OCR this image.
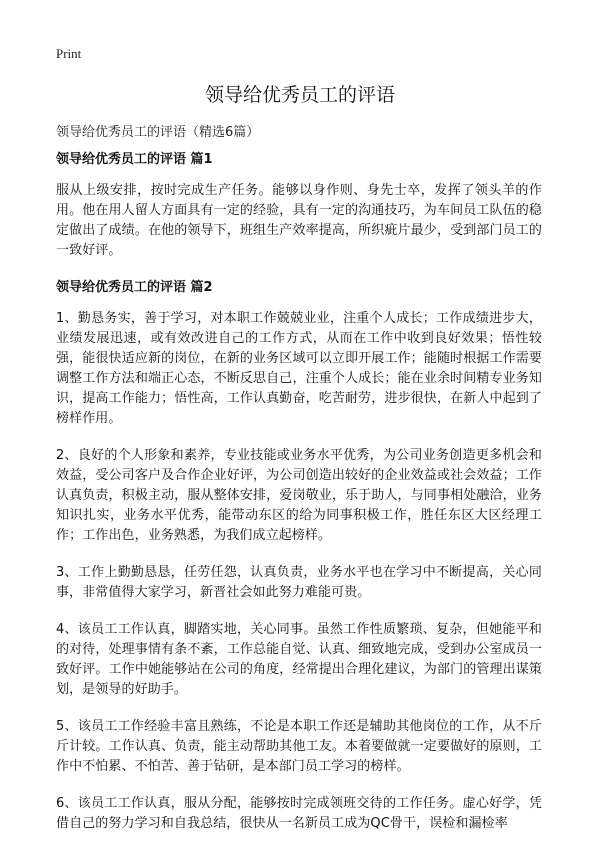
Print
领导给优秀员工的评语

领导给优秀员工的评语（精选6篇）

领导给优秀员工的评语 篇1

服从上级安排，按时完成生产任务。能够以身作则、身先士卒，发挥了领头羊的作用。他在用人留人方面具有一定的经验，具有一定的沟通技巧，为车间员工队伍的稳定做出了成绩。在他的领导下，班组生产效率提高，所织疵片最少，受到部门员工的一致好评。

领导给优秀员工的评语 篇2

1、勤恳务实，善于学习，对本职工作兢兢业业，注重个人成长；工作成绩进步大，业绩发展迅速，或有效改进自己的工作方式，从而在工作中收到良好效果；悟性较强，能很快适应新的岗位，在新的业务区域可以立即开展工作；能随时根据工作需要调整工作方法和端正心态，不断反思自己，注重个人成长；能在业余时间精专业务知识，提高工作能力；悟性高，工作认真勤奋，吃苦耐劳，进步很快，在新人中起到了榜样作用。

2、良好的个人形象和素养，专业技能或业务水平优秀，为公司业务创造更多机会和效益，受公司客户及合作企业好评，为公司创造出较好的企业效益或社会效益；工作认真负责，积极主动，服从整体安排，爱岗敬业，乐于助人，与同事相处融洽，业务知识扎实，业务水平优秀，能带动东区的给为同事积极工作，胜任东区大区经理工作；工作出色，业务熟悉，为我们成立起榜样。

3、工作上勤勤恳恳，任劳任怨，认真负责，业务水平也在学习中不断提高，关心同事，非常值得大家学习，新晋社会如此努力难能可贵。

4、该员工工作认真，脚踏实地，关心同事。虽然工作性质繁琐、复杂，但她能平和的对待，处理事情有条不紊，工作总能自觉、认真、细致地完成，受到办公室成员一致好评。工作中她能够站在公司的角度，经常提出合理化建议，为部门的管理出谋策划，是领导的好助手。

5、该员工工作经验丰富且熟练，不论是本职工作还是辅助其他岗位的工作，从不斤斤计较。工作认真、负责，能主动帮助其他工友。本着要做就一定要做好的原则，工作中不怕累、不怕苦、善于钻研，是本部门员工学习的榜样。

6、该员工工作认真，服从分配，能够按时完成领班交待的工作任务。虚心好学，凭借自己的努力学习和自我总结，很快从一名新员工成为QC骨干，误检和漏检率
